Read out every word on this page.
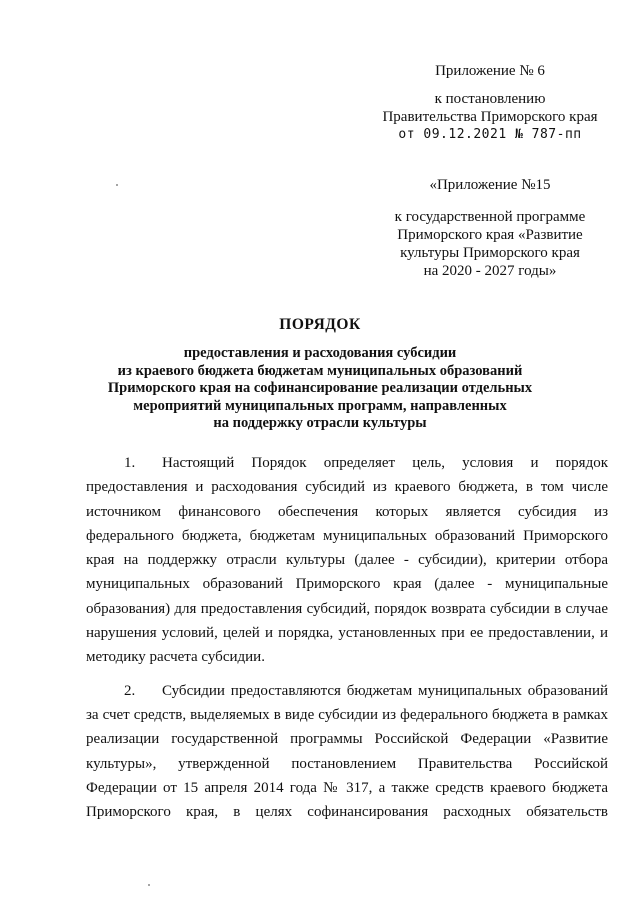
Приложение № 6
к постановлению
Правительства Приморского края
от 09.12.2021 № 787-пп
«Приложение №15
к государственной программе
Приморского края «Развитие
культуры Приморского края
на 2020 - 2027 годы»
ПОРЯДОК
предоставления и расходования субсидии
из краевого бюджета бюджетам муниципальных образований
Приморского края на софинансирование реализации отдельных
мероприятий муниципальных программ, направленных
на поддержку отрасли культуры

1. Настоящий Порядок определяет цель, условия и порядок предоставления и расходования субсидий из краевого бюджета, в том числе источником финансового обеспечения которых является субсидия из федерального бюджета, бюджетам муниципальных образований Приморского края на поддержку отрасли культуры (далее - субсидии), критерии отбора муниципальных образований Приморского края (далее - муниципальные образования) для предоставления субсидий, порядок возврата субсидии в случае нарушения условий, целей и порядка, установленных при ее предоставлении, и методику расчета субсидии.

2. Субсидии предоставляются бюджетам муниципальных образований за счет средств, выделяемых в виде субсидии из федерального бюджета в рамках реализации государственной программы Российской Федерации «Развитие культуры», утвержденной постановлением Правительства Российской Федерации от 15 апреля 2014 года № 317, а также средств краевого бюджета Приморского края, в целях софинансирования расходных обязательств
